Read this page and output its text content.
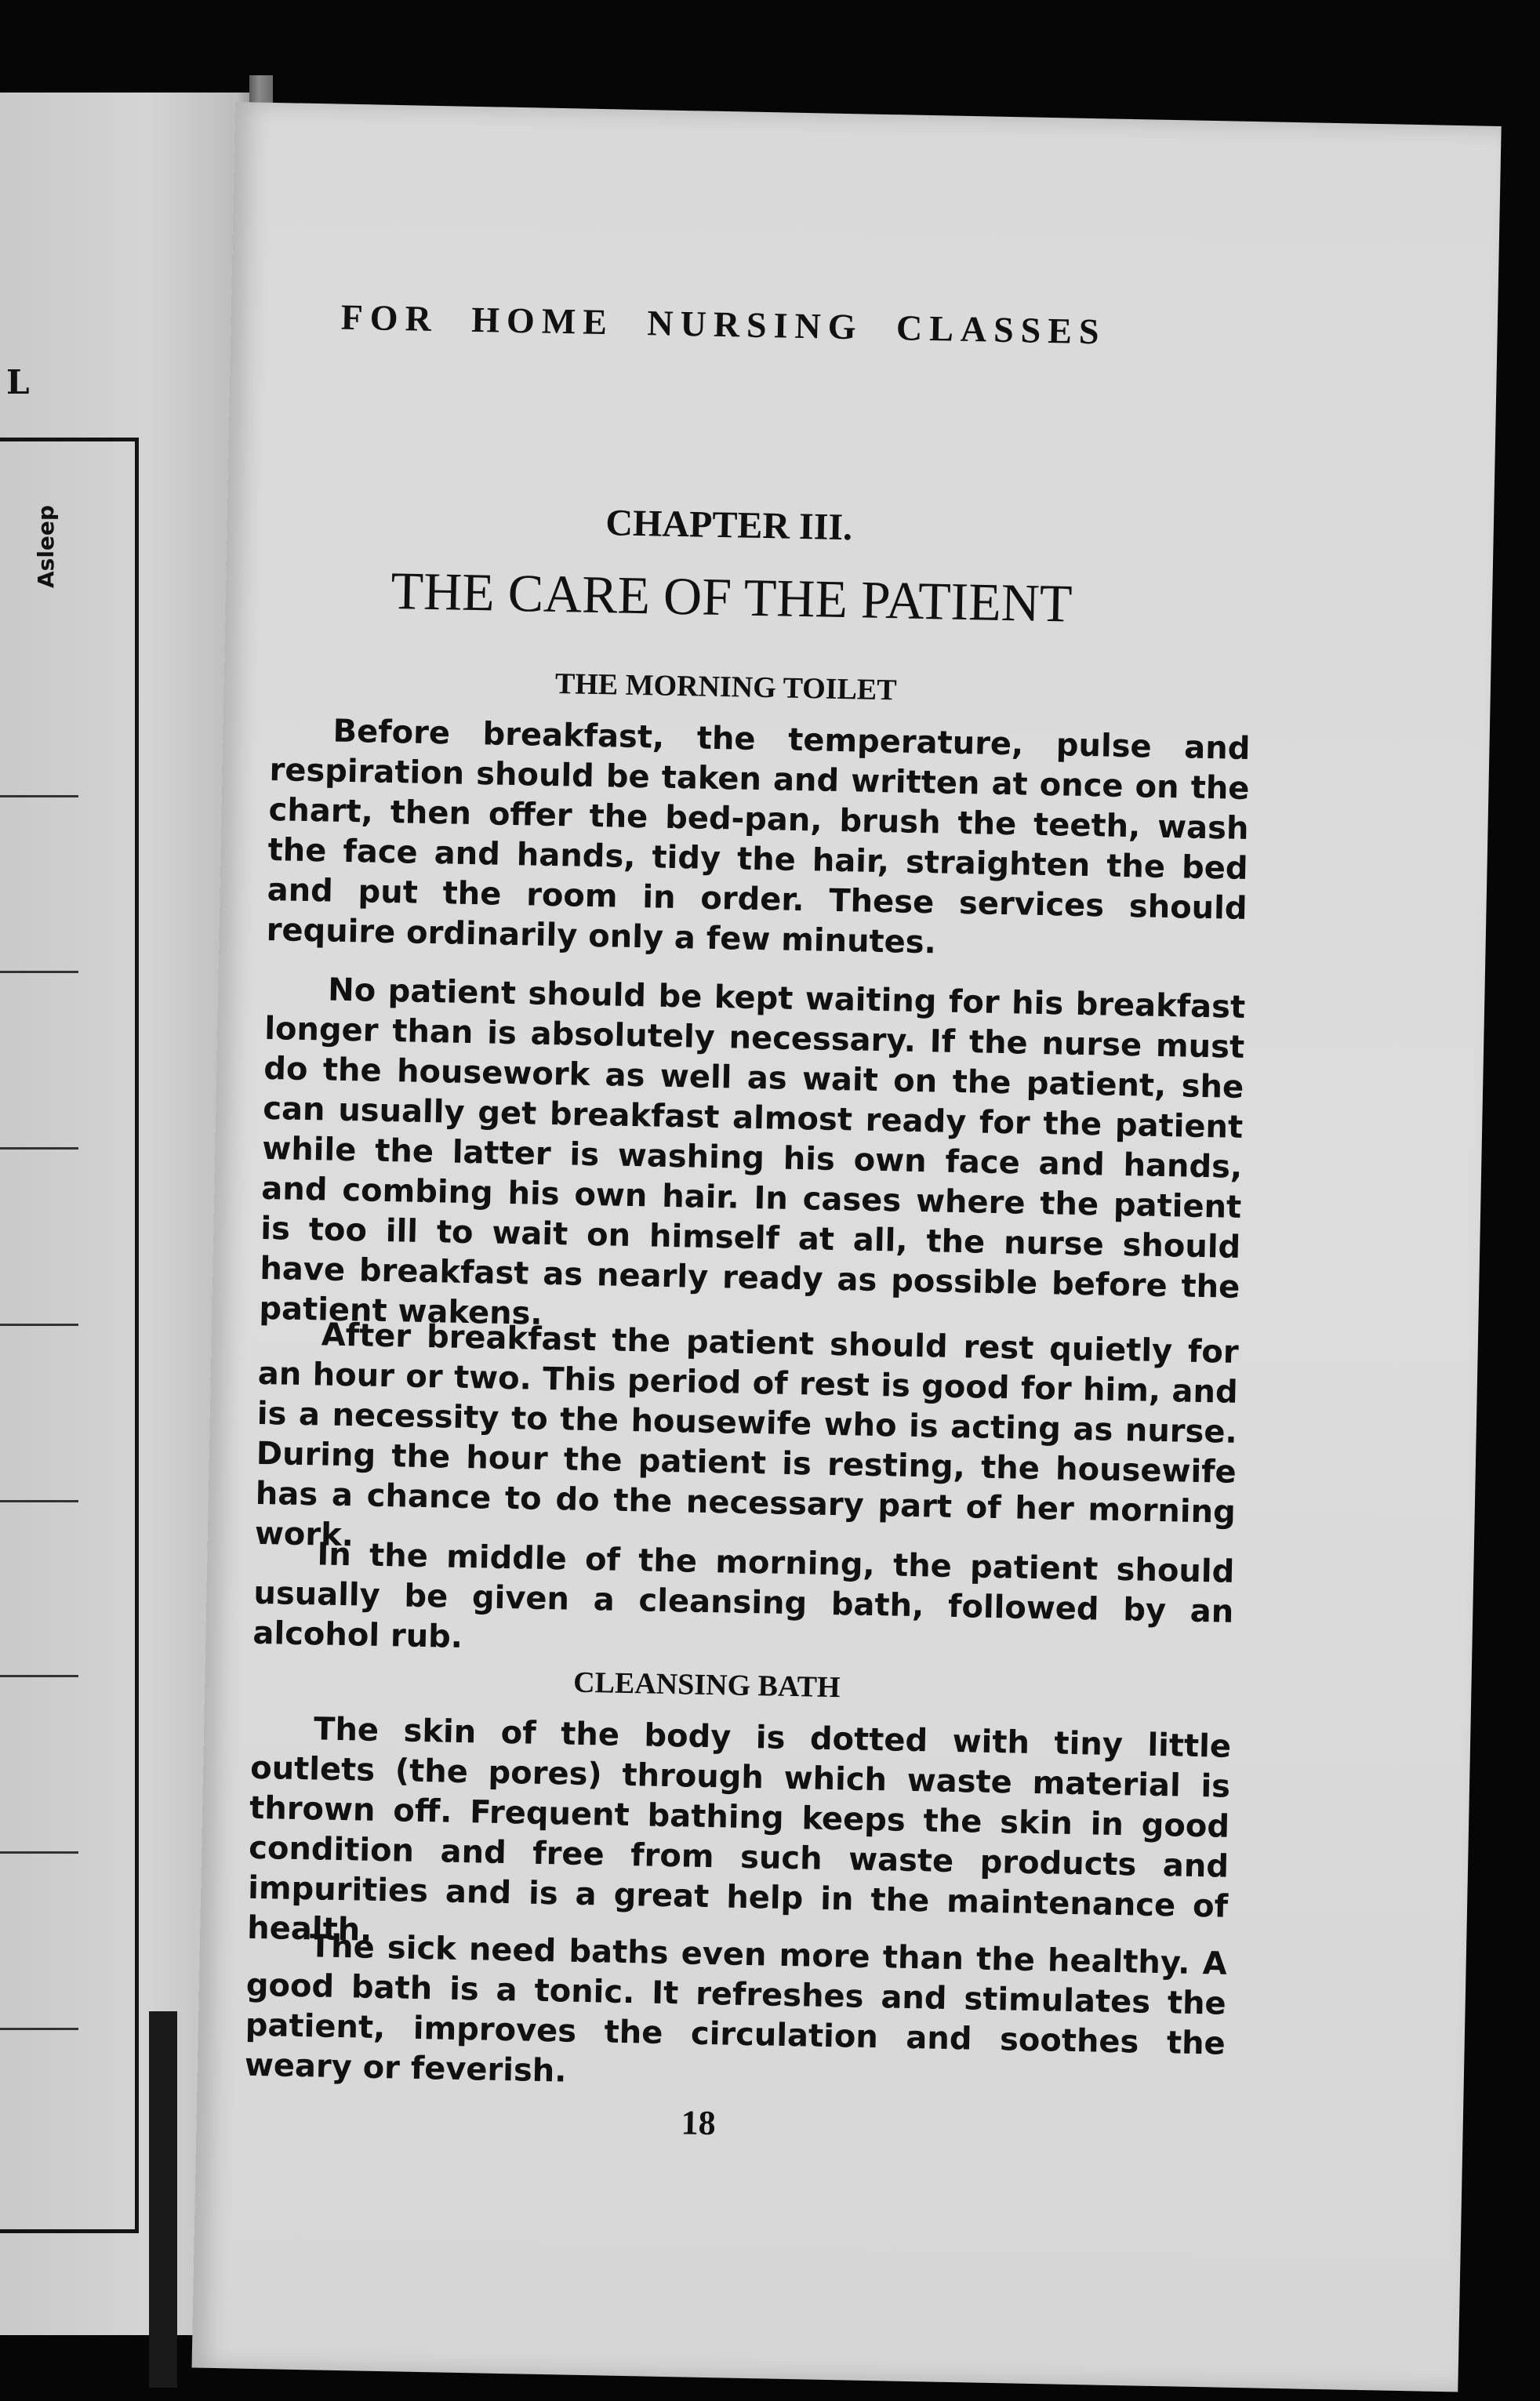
L
Asleep
FOR HOME NURSING CLASSES
CHAPTER III.
THE CARE OF THE PATIENT
THE MORNING TOILET
Before breakfast, the temperature, pulse and respiration should be taken and written at once on the chart, then offer the bed-pan, brush the teeth, wash the face and hands, tidy the hair, straighten the bed and put the room in order. These services should require ordinarily only a few minutes.
No patient should be kept waiting for his breakfast longer than is absolutely necessary. If the nurse must do the housework as well as wait on the patient, she can usually get breakfast almost ready for the patient while the latter is washing his own face and hands, and combing his own hair. In cases where the patient is too ill to wait on himself at all, the nurse should have breakfast as nearly ready as possible before the patient wakens.
After breakfast the patient should rest quietly for an hour or two. This period of rest is good for him, and is a necessity to the housewife who is acting as nurse. During the hour the patient is resting, the housewife has a chance to do the necessary part of her morning work.
In the middle of the morning, the patient should usually be given a cleansing bath, followed by an alcohol rub.
CLEANSING BATH
The skin of the body is dotted with tiny little outlets (the pores) through which waste material is thrown off. Frequent bathing keeps the skin in good condition and free from such waste products and impurities and is a great help in the maintenance of health.
The sick need baths even more than the healthy. A good bath is a tonic. It refreshes and stimulates the patient, improves the circulation and soothes the weary or feverish.
18
